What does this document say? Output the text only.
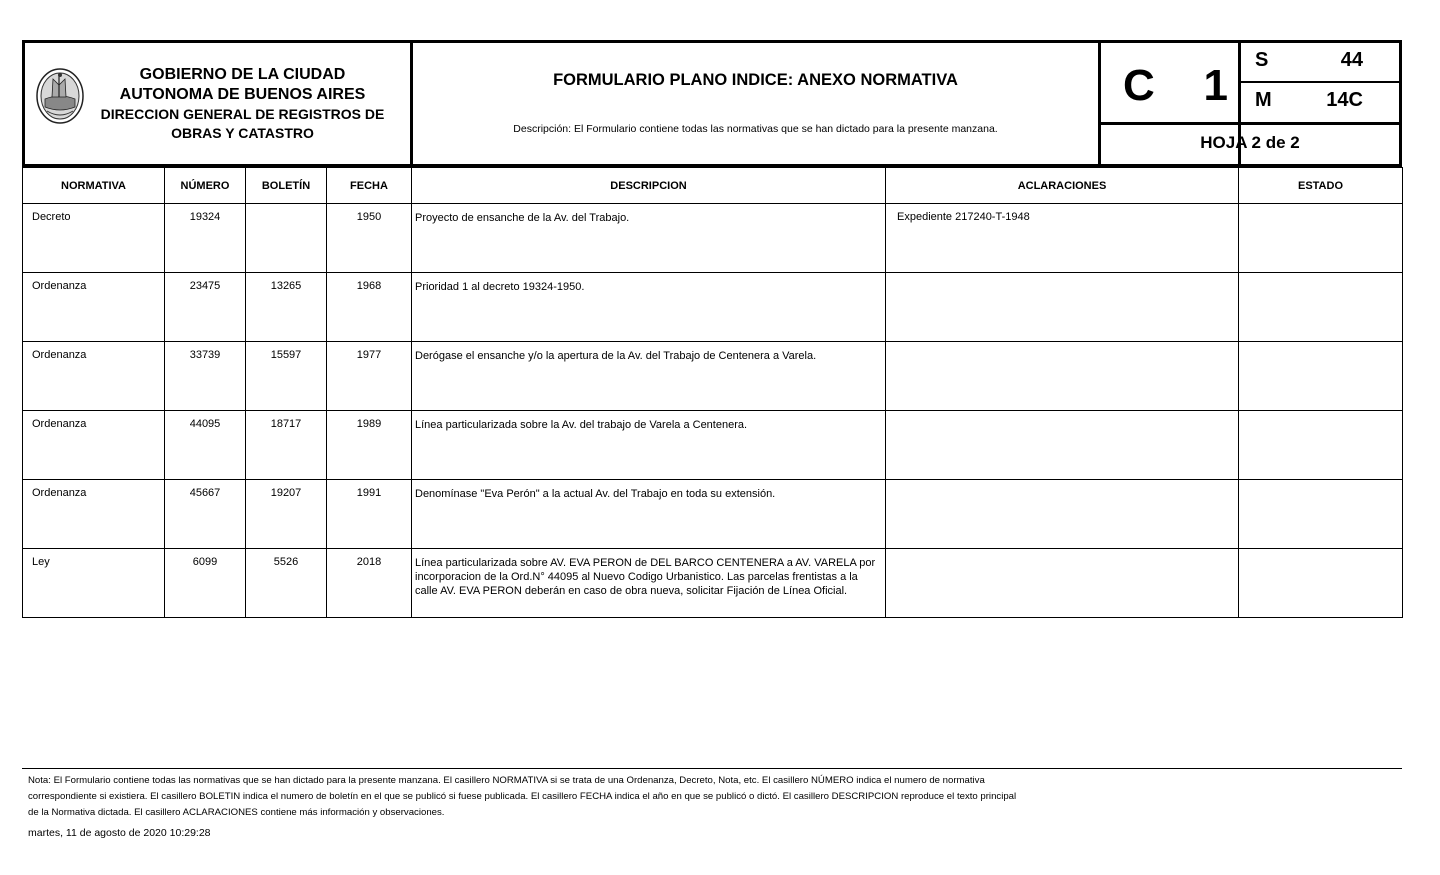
GOBIERNO DE LA CIUDAD
AUTONOMA DE BUENOS AIRES
DIRECCION GENERAL DE REGISTROS DE
OBRAS Y CATASTRO
FORMULARIO PLANO INDICE: ANEXO NORMATIVA
Descripción: El Formulario contiene todas las normativas que se han dictado para la presente manzana.
C 1
S	44
M	14C
HOJA 2 de 2
NORMATIVA	NÚMERO	BOLETÍN	FECHA	DESCRIPCION	ACLARACIONES	ESTADO
Decreto	19324		1950	Proyecto de ensanche de la Av. del Trabajo.	Expediente 217240-T-1948	
Ordenanza	23475	13265	1968	Prioridad 1 al decreto 19324-1950.		
Ordenanza	33739	15597	1977	Derógase el ensanche y/o la apertura de la Av. del Trabajo de Centenera a Varela.		
Ordenanza	44095	18717	1989	Línea particularizada sobre la Av. del trabajo de Varela a Centenera.		
Ordenanza	45667	19207	1991	Denomínase "Eva Perón" a la actual Av. del Trabajo en toda su extensión.		
Ley	6099	5526	2018	Línea particularizada sobre AV. EVA PERON de DEL BARCO CENTENERA a AV. VARELA por incorporacion de la Ord.N° 44095 al Nuevo Codigo Urbanistico. Las parcelas frentistas a la calle AV. EVA PERON deberán en caso de obra nueva, solicitar Fijación de Línea Oficial.		
Nota: El Formulario contiene todas las normativas que se han dictado para la presente manzana. El casillero NORMATIVA si se trata de una Ordenanza, Decreto, Nota, etc. El casillero NÚMERO indica el numero de normativa
correspondiente si existiera. El casillero BOLETIN indica el numero de boletín en el que se publicó si fuese publicada. El casillero FECHA indica el año en que se publicó o dictó. El casillero DESCRIPCION reproduce el texto principal
de la Normativa dictada. El casillero ACLARACIONES contiene más información y observaciones.
martes, 11 de agosto de 2020 10:29:28
